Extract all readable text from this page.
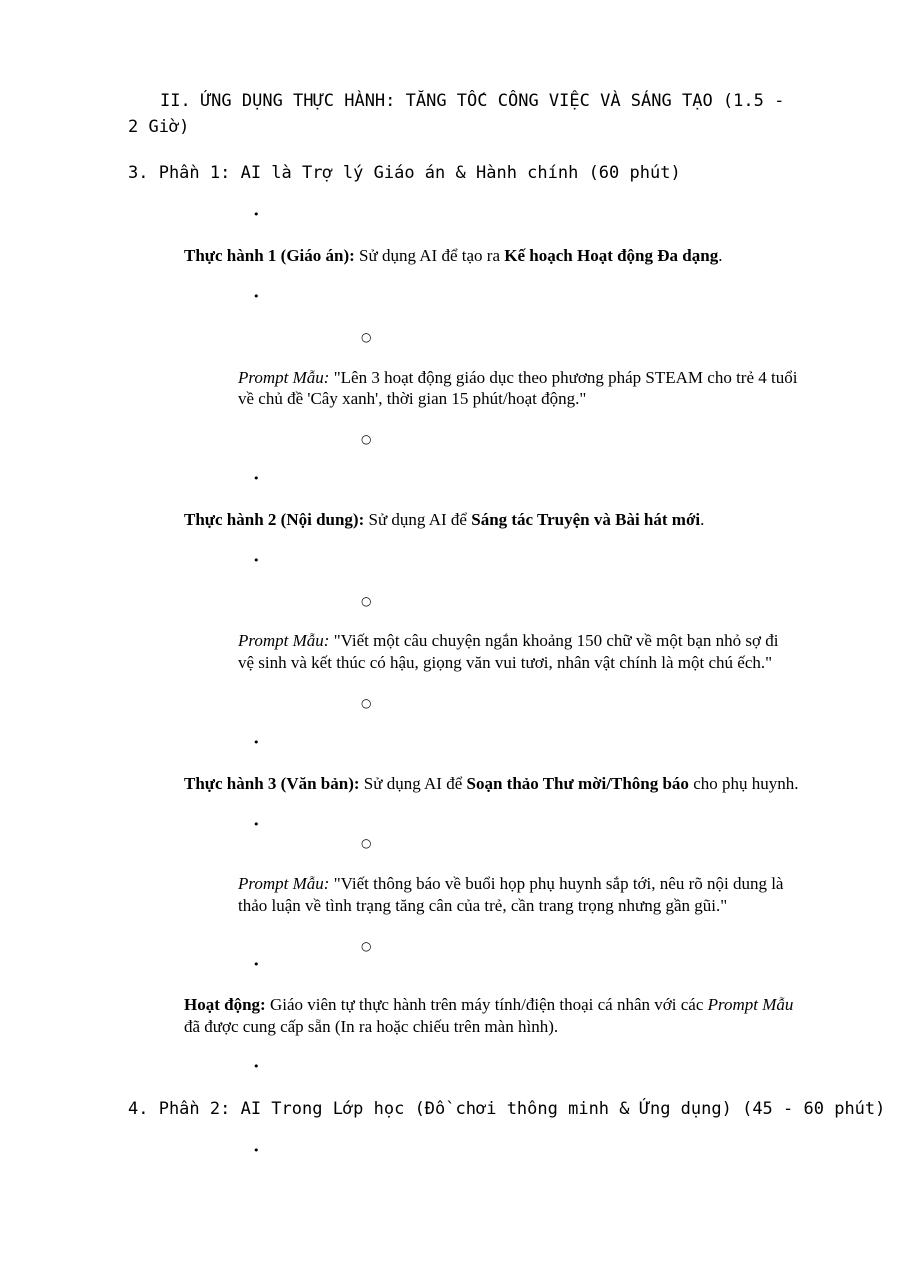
II. ỨNG DỤNG THỰC HÀNH: TĂNG TỐC CÔNG VIỆC VÀ SÁNG TẠO (1.5 -
2 Giờ)
3. Phần 1: AI là Trợ lý Giáo án & Hành chính (60 phút)
•
Thực hành 1 (Giáo án): Sử dụng AI để tạo ra Kế hoạch Hoạt động Đa dạng.
•
○
Prompt Mẫu: "Lên 3 hoạt động giáo dục theo phương pháp STEAM cho trẻ 4 tuổi
về chủ đề 'Cây xanh', thời gian 15 phút/hoạt động."
○
•
Thực hành 2 (Nội dung): Sử dụng AI để Sáng tác Truyện và Bài hát mới.
•
○
Prompt Mẫu: "Viết một câu chuyện ngắn khoảng 150 chữ về một bạn nhỏ sợ đi
vệ sinh và kết thúc có hậu, giọng văn vui tươi, nhân vật chính là một chú ếch."
○
•
Thực hành 3 (Văn bản): Sử dụng AI để Soạn thảo Thư mời/Thông báo cho phụ huynh.
•
○
Prompt Mẫu: "Viết thông báo về buổi họp phụ huynh sắp tới, nêu rõ nội dung là
thảo luận về tình trạng tăng cân của trẻ, cần trang trọng nhưng gần gũi."
○
•
Hoạt động: Giáo viên tự thực hành trên máy tính/điện thoại cá nhân với các Prompt Mẫu
đã được cung cấp sẵn (In ra hoặc chiếu trên màn hình).
•
4. Phần 2: AI Trong Lớp học (Đồ chơi thông minh & Ứng dụng) (45 - 60 phút)
•
